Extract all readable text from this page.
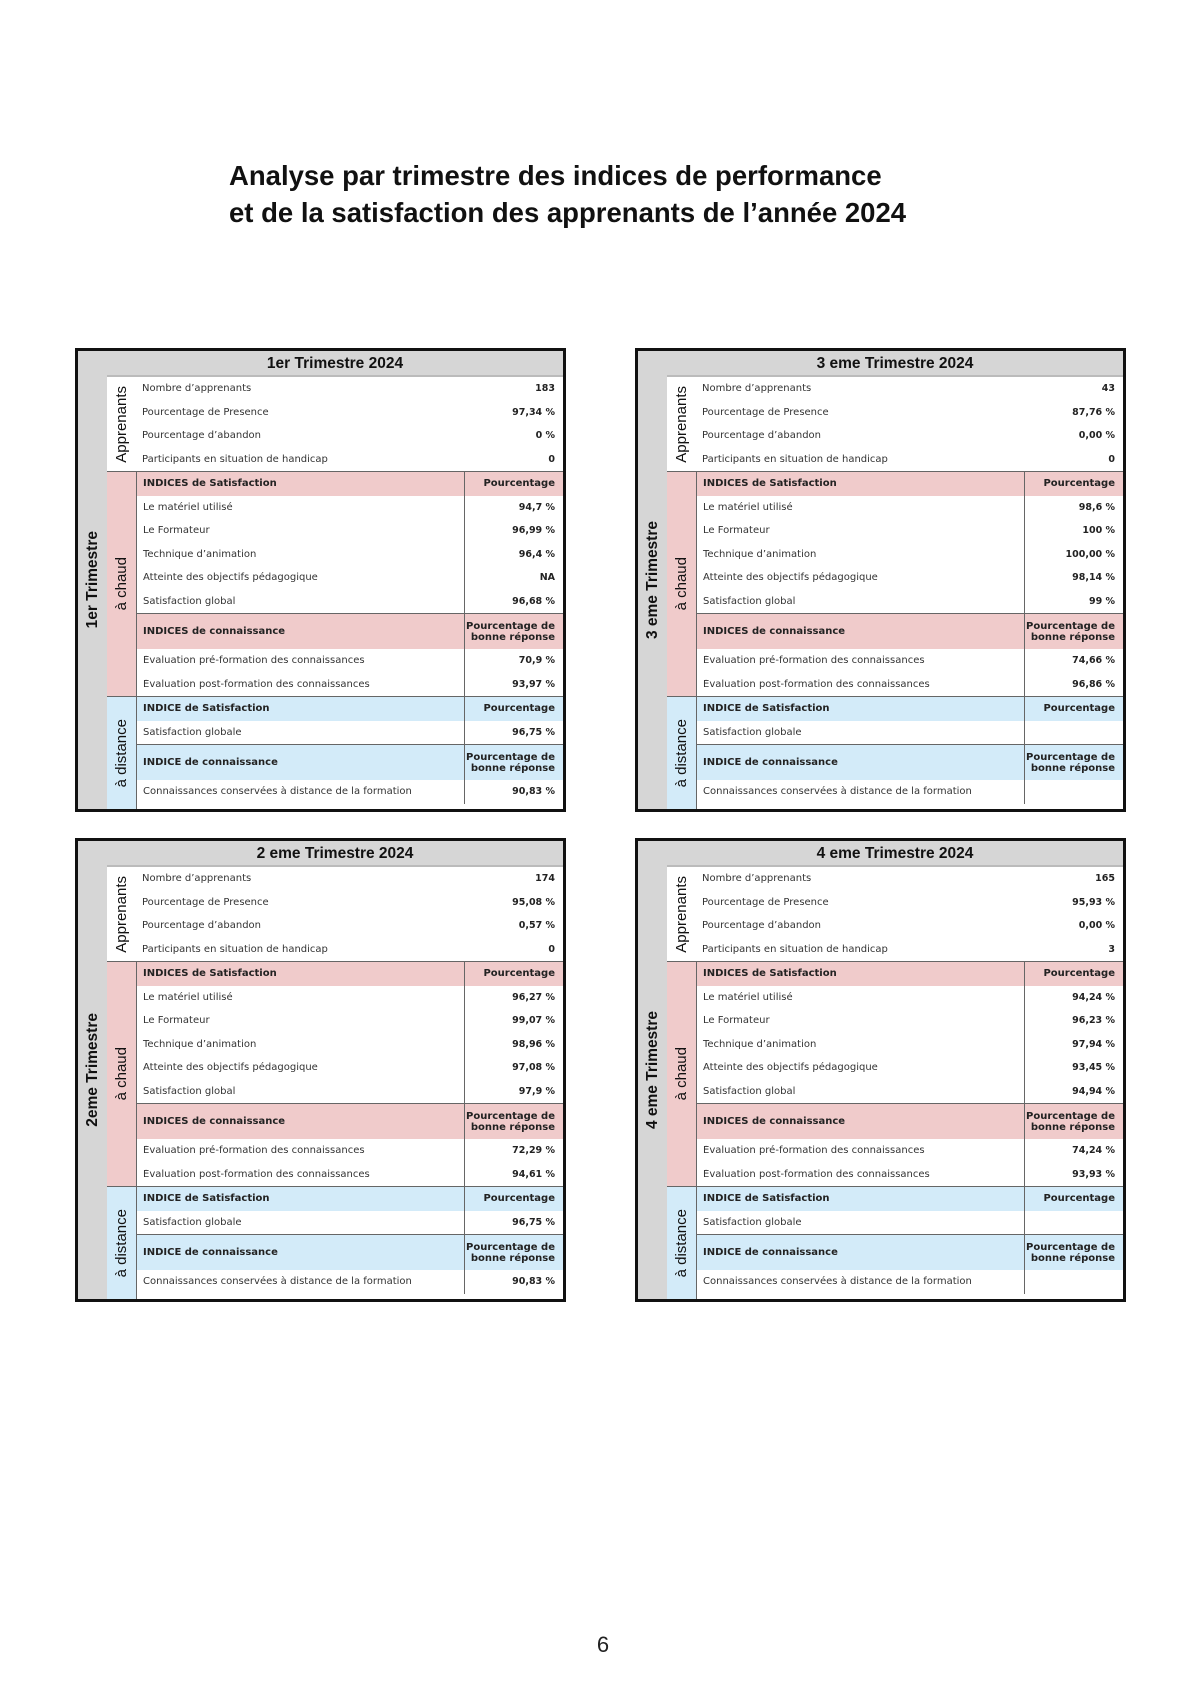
Analyse par trimestre des indices de performance
et de la satisfaction des apprenants de l’année 2024
1er Trimestre
1er Trimestre 2024
Apprenants	Nombre d’apprenants	183
Pourcentage de Presence	97,34 %
Pourcentage d’abandon	0 %
Participants en situation de handicap	0
à chaud
INDICES de Satisfaction	Pourcentage
Le matériel utilisé	94,7 %
Le Formateur	96,99 %
Technique d’animation	96,4 %
Atteinte des objectifs pédagogique	NA
Satisfaction global	96,68 %
INDICES de connaissance	Pourcentage de bonne réponse
Évaluation pré-formation des connaissances	70,9 %
Évaluation post-formation des connaissances	93,97 %
à distance
INDICE de Satisfaction	Pourcentage
Satisfaction globale	96,75 %
INDICE de connaissance	Pourcentage de bonne réponse
Connaissances conservées à distance de la formation	90,83 %
3 eme Trimestre
3 eme Trimestre 2024
Apprenants	Nombre d’apprenants	43
Pourcentage de Presence	87,76 %
Pourcentage d’abandon	0,00 %
Participants en situation de handicap	0
à chaud
INDICES de Satisfaction	Pourcentage
Le matériel utilisé	98,6 %
Le Formateur	100 %
Technique d’animation	100,00 %
Atteinte des objectifs pédagogique	98,14 %
Satisfaction global	99 %
INDICES de connaissance	Pourcentage de bonne réponse
Évaluation pré-formation des connaissances	74,66 %
Évaluation post-formation des connaissances	96,86 %
à distance
INDICE de Satisfaction	Pourcentage
Satisfaction globale
INDICE de connaissance	Pourcentage de bonne réponse
Connaissances conservées à distance de la formation
2eme Trimestre
2 eme Trimestre 2024
Apprenants	Nombre d’apprenants	174
Pourcentage de Presence	95,08 %
Pourcentage d’abandon	0,57 %
Participants en situation de handicap	0
à chaud
INDICES de Satisfaction	Pourcentage
Le matériel utilisé	96,27 %
Le Formateur	99,07 %
Technique d’animation	98,96 %
Atteinte des objectifs pédagogique	97,08 %
Satisfaction global	97,9 %
INDICES de connaissance	Pourcentage de bonne réponse
Évaluation pré-formation des connaissances	72,29 %
Évaluation post-formation des connaissances	94,61 %
à distance
INDICE de Satisfaction	Pourcentage
Satisfaction globale	96,75 %
INDICE de connaissance	Pourcentage de bonne réponse
Connaissances conservées à distance de la formation	90,83 %
4 eme Trimestre
4 eme Trimestre 2024
Apprenants	Nombre d’apprenants	165
Pourcentage de Presence	95,93 %
Pourcentage d’abandon	0,00 %
Participants en situation de handicap	3
à chaud
INDICES de Satisfaction	Pourcentage
Le matériel utilisé	94,24 %
Le Formateur	96,23 %
Technique d’animation	97,94 %
Atteinte des objectifs pédagogique	93,45 %
Satisfaction global	94,94 %
INDICES de connaissance	Pourcentage de bonne réponse
Évaluation pré-formation des connaissances	74,24 %
Évaluation post-formation des connaissances	93,93 %
à distance
INDICE de Satisfaction	Pourcentage
Satisfaction globale
INDICE de connaissance	Pourcentage de bonne réponse
Connaissances conservées à distance de la formation
6
